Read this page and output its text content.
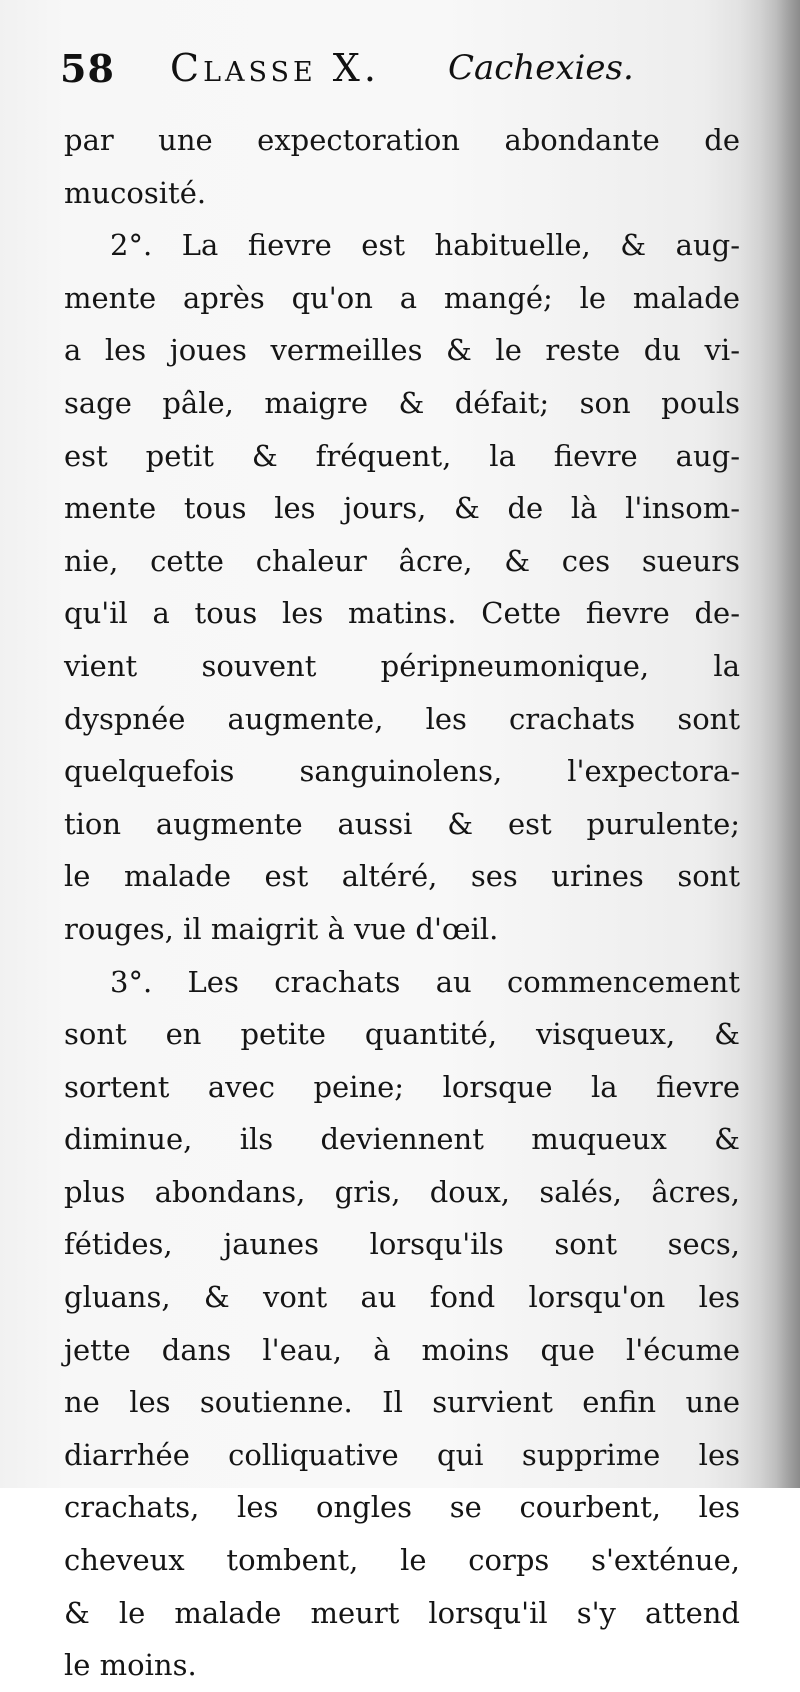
58 Classe X. Cachexies.
par une expectoration abondante de
mucosité.
2°. La fievre est habituelle, & aug-
mente après qu'on a mangé; le malade
a les joues vermeilles & le reste du vi-
sage pâle, maigre & défait; son pouls
est petit & fréquent, la fievre aug-
mente tous les jours, & de là l'insom-
nie, cette chaleur âcre, & ces sueurs
qu'il a tous les matins. Cette fievre de-
vient souvent péripneumonique, la
dyspnée augmente, les crachats sont
quelquefois sanguinolens, l'expectora-
tion augmente aussi & est purulente;
le malade est altéré, ses urines sont
rouges, il maigrit à vue d'œil.
3°. Les crachats au commencement
sont en petite quantité, visqueux, &
sortent avec peine; lorsque la fievre
diminue, ils deviennent muqueux &
plus abondans, gris, doux, salés, âcres,
fétides, jaunes lorsqu'ils sont secs,
gluans, & vont au fond lorsqu'on les
jette dans l'eau, à moins que l'écume
ne les soutienne. Il survient enfin une
diarrhée colliquative qui supprime les
crachats, les ongles se courbent, les
cheveux tombent, le corps s'exténue,
& le malade meurt lorsqu'il s'y attend
le moins.
